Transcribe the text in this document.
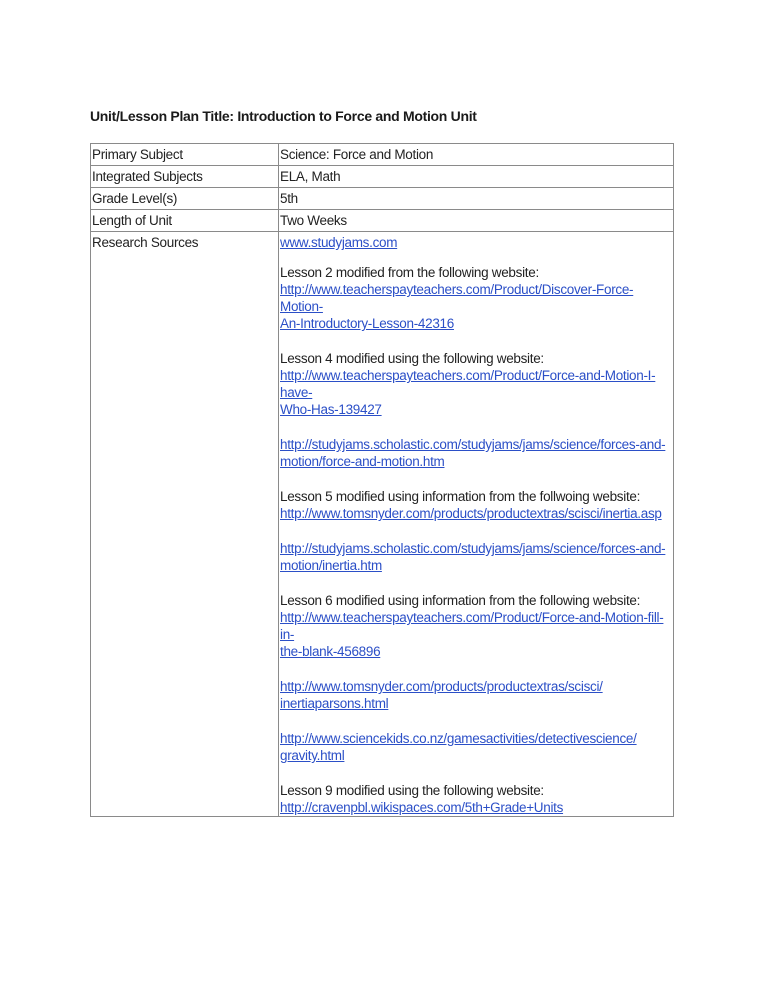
Unit/Lesson Plan Title: Introduction to Force and Motion Unit
Primary Subject	Science: Force and Motion
Integrated Subjects	ELA, Math
Grade Level(s)	5th
Length of Unit	Two Weeks
Research Sources	www.studyjams.com
Lesson 2 modified from the following website:
http://www.teacherspayteachers.com/Product/Discover-Force-Motion-
An-Introductory-Lesson-42316
Lesson 4 modified using the following website:
http://www.teacherspayteachers.com/Product/Force-and-Motion-I-have-
Who-Has-139427
http://studyjams.scholastic.com/studyjams/jams/science/forces-and-
motion/force-and-motion.htm
Lesson 5 modified using information from the follwoing website:
http://www.tomsnyder.com/products/productextras/scisci/inertia.asp
http://studyjams.scholastic.com/studyjams/jams/science/forces-and-
motion/inertia.htm
Lesson 6 modified using information from the following website:
http://www.teacherspayteachers.com/Product/Force-and-Motion-fill-in-
the-blank-456896
http://www.tomsnyder.com/products/productextras/scisci/
inertiaparsons.html
http://www.sciencekids.co.nz/gamesactivities/detectivescience/
gravity.html
Lesson 9 modified using the following website:
http://cravenpbl.wikispaces.com/5th+Grade+Units
